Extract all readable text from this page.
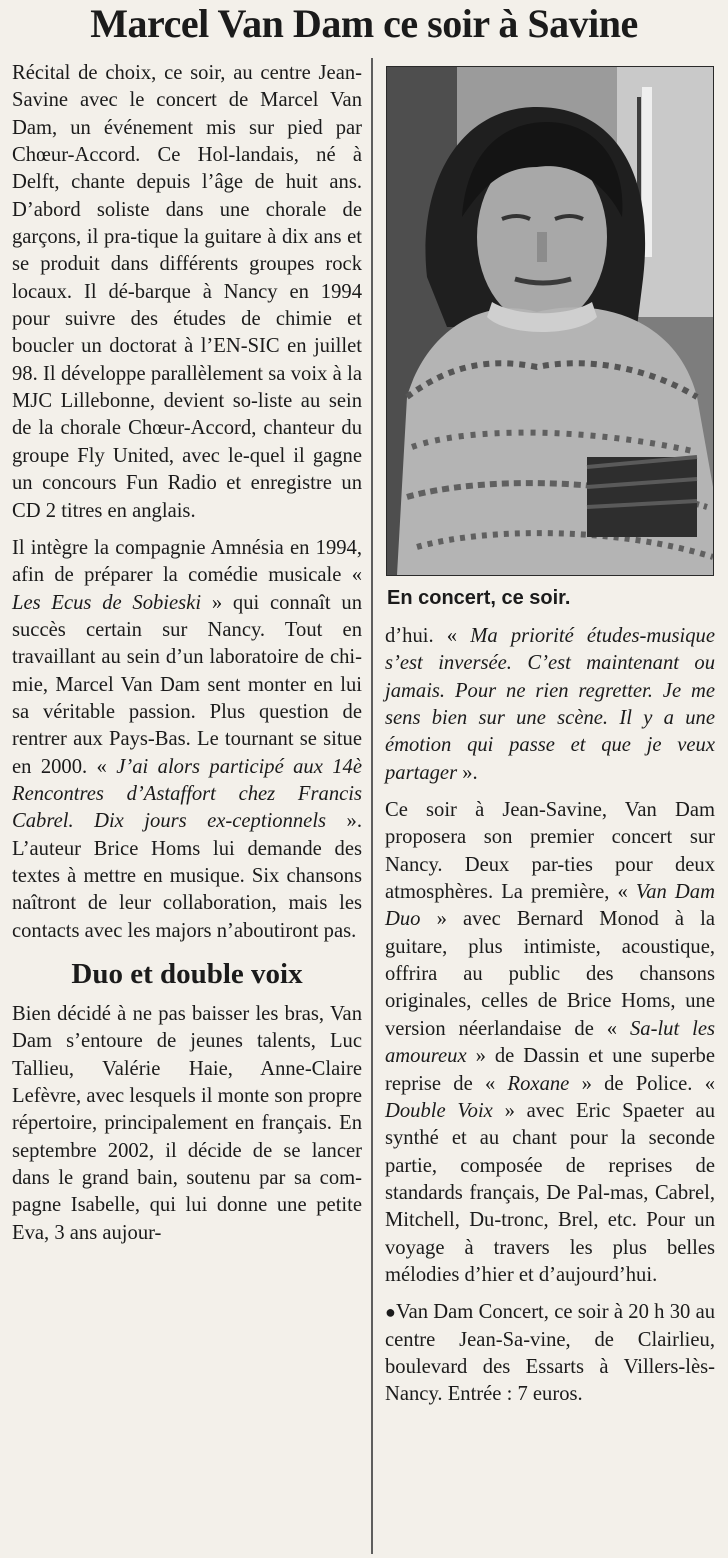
Marcel Van Dam ce soir à Savine

Récital de choix, ce soir, au centre Jean-Savine avec le concert de Marcel Van Dam, un événement mis sur pied par Chœur-Accord. Ce Hol-landais, né à Delft, chante depuis l’âge de huit ans. D’abord soliste dans une chorale de garçons, il pra-tique la guitare à dix ans et se produit dans différents groupes rock locaux. Il dé-barque à Nancy en 1994 pour suivre des études de chimie et boucler un doctorat à l’EN-SIC en juillet 98. Il développe parallèlement sa voix à la MJC Lillebonne, devient so-liste au sein de la chorale Chœur-Accord, chanteur du groupe Fly United, avec le-quel il gagne un concours Fun Radio et enregistre un CD 2 titres en anglais.

Il intègre la compagnie Amnésia en 1994, afin de préparer la comédie musicale « Les Ecus de Sobieski » qui connaît un succès certain sur Nancy. Tout en travaillant au sein d’un laboratoire de chi-mie, Marcel Van Dam sent monter en lui sa véritable passion. Plus question de rentrer aux Pays-Bas. Le tournant se situe en 2000. « J’ai alors participé aux 14è Rencontres d’Astaffort chez Francis Cabrel. Dix jours ex-ceptionnels ». L’auteur Brice Homs lui demande des textes à mettre en musique. Six chansons naîtront de leur collaboration, mais les contacts avec les majors n’aboutiront pas.

Duo et double voix

Bien décidé à ne pas baisser les bras, Van Dam s’entoure de jeunes talents, Luc Tallieu, Valérie Haie, Anne-Claire Lefèvre, avec lesquels il monte son propre répertoire, principalement en français. En septembre 2002, il décide de se lancer dans le grand bain, soutenu par sa com-pagne Isabelle, qui lui donne une petite Eva, 3 ans aujour-

En concert, ce soir.

d’hui. « Ma priorité études-musique s’est inversée. C’est maintenant ou jamais. Pour ne rien regretter. Je me sens bien sur une scène. Il y a une émotion qui passe et que je veux partager ».

Ce soir à Jean-Savine, Van Dam proposera son premier concert sur Nancy. Deux par-ties pour deux atmosphères. La première, « Van Dam Duo » avec Bernard Monod à la guitare, plus intimiste, acoustique, offrira au public des chansons originales, celles de Brice Homs, une version néerlandaise de « Sa-lut les amoureux » de Dassin et une superbe reprise de « Roxane » de Police. « Double Voix » avec Eric Spaeter au synthé et au chant pour la seconde partie, composée de reprises de standards français, De Pal-mas, Cabrel, Mitchell, Du-tronc, Brel, etc. Pour un voyage à travers les plus belles mélodies d’hier et d’aujourd’hui.

●Van Dam Concert, ce soir à 20 h 30 au centre Jean-Sa-vine, de Clairlieu, boulevard des Essarts à Villers-lès-Nancy. Entrée : 7 euros.
